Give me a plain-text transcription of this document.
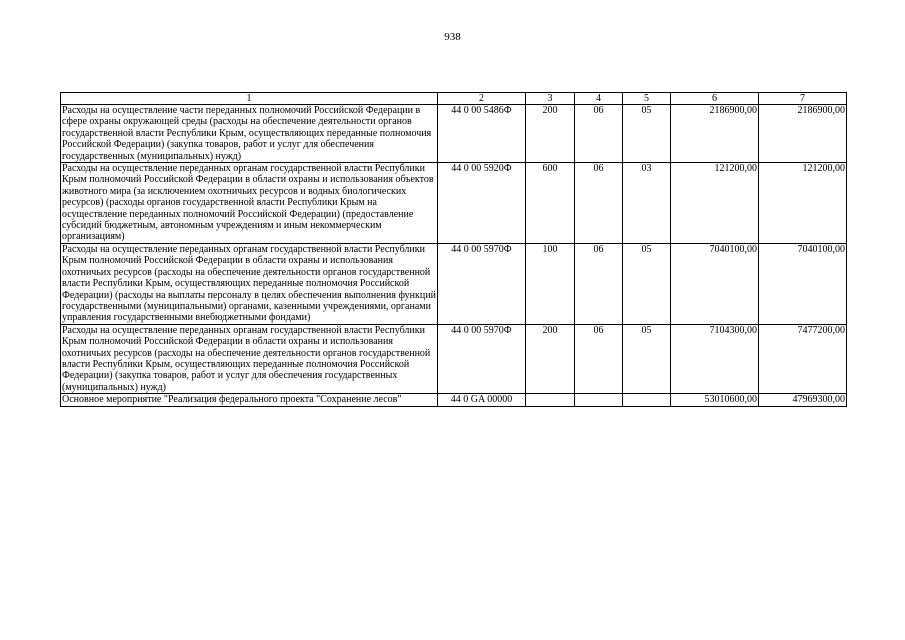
938
1	2	3	4	5	6	7
Расходы на осуществление части переданных полномочий Российской Федерации в сфере охраны окружающей среды (расходы на обеспечение деятельности органов государственной власти Республики Крым, осуществляющих переданные полномочия Российской Федерации) (закупка товаров, работ и услуг для обеспечения государственных (муниципальных) нужд)	44 0 00 5486Ф	200	06	05	2186900,00	2186900,00
Расходы на осуществление переданных органам государственной власти Республики Крым полномочий Российской Федерации в области охраны и использования объектов животного мира (за исключением охотничьих ресурсов и водных биологических ресурсов) (расходы органов государственной власти Республики Крым на осуществление переданных полномочий Российской Федерации) (предоставление субсидий бюджетным, автономным учреждениям и иным некоммерческим организациям)	44 0 00 5920Ф	600	06	03	121200,00	121200,00
Расходы на осуществление переданных органам государственной власти Республики Крым полномочий Российской Федерации в области охраны и использования охотничьих ресурсов (расходы на обеспечение деятельности органов государственной власти Республики Крым, осуществляющих переданные полномочия Российской Федерации) (расходы на выплаты персоналу в целях обеспечения выполнения функций государственными (муниципальными) органами, казенными учреждениями, органами управления государственными внебюджетными фондами)	44 0 00 5970Ф	100	06	05	7040100,00	7040100,00
Расходы на осуществление переданных органам государственной власти Республики Крым полномочий Российской Федерации в области охраны и использования охотничьих ресурсов (расходы на обеспечение деятельности органов государственной власти Республики Крым, осуществляющих переданные полномочия Российской Федерации) (закупка товаров, работ и услуг для обеспечения государственных (муниципальных) нужд)	44 0 00 5970Ф	200	06	05	7104300,00	7477200,00
Основное мероприятие "Реализация федерального проекта "Сохранение лесов"	44 0 GA 00000				53010600,00	47969300,00
